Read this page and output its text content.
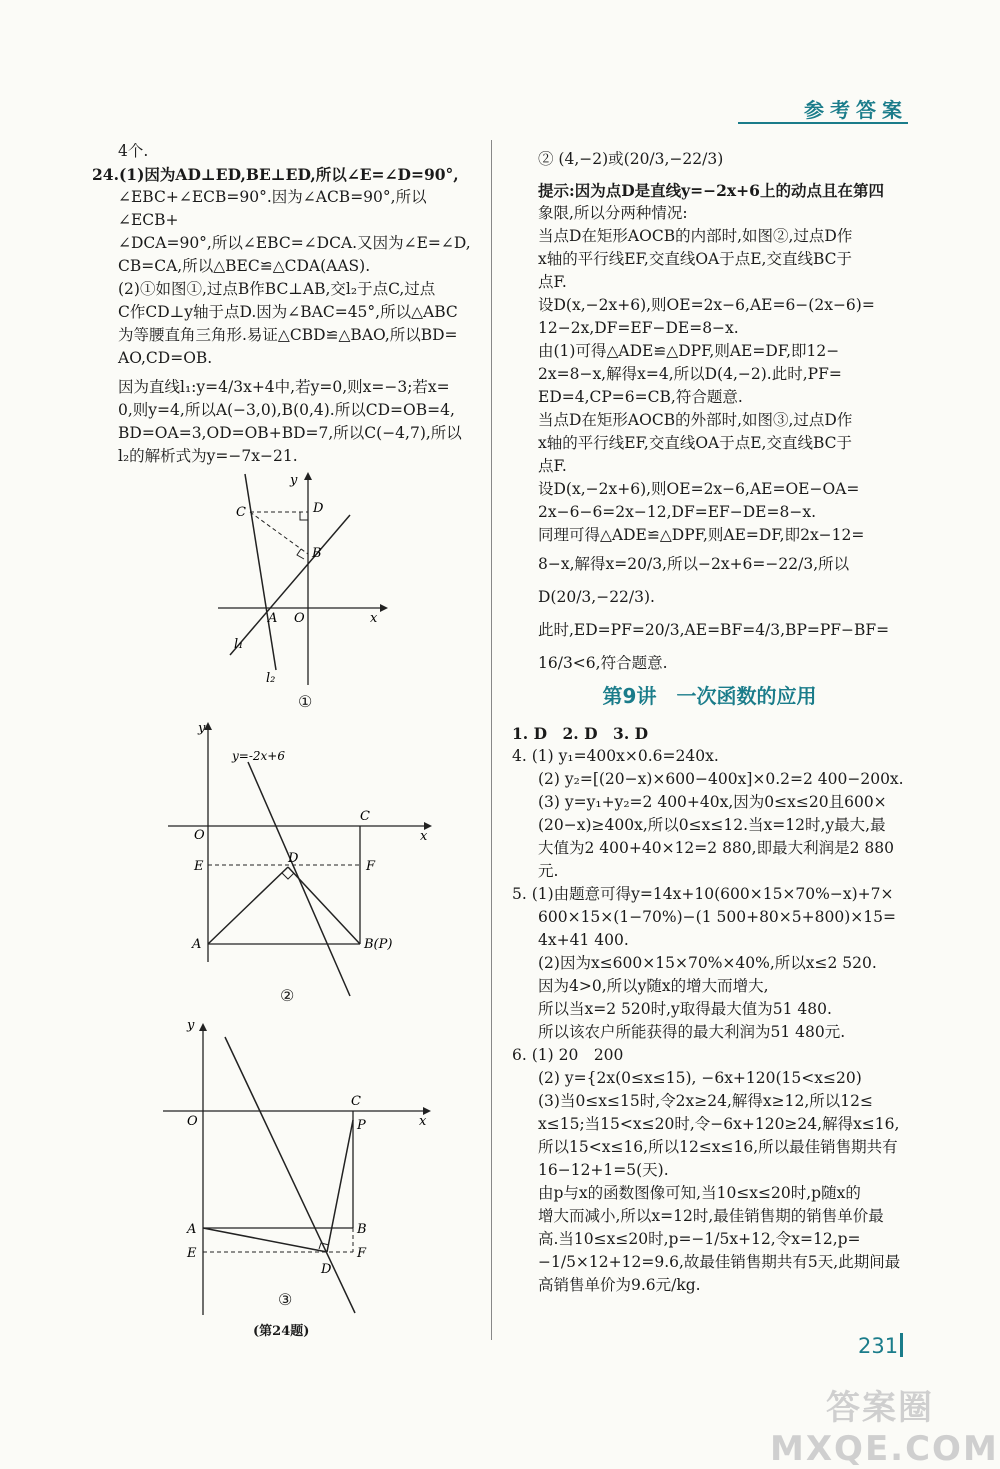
参考答案

4个.

24.(1)因为AD⊥ED,BE⊥ED,所以∠E=∠D=90°,

∠EBC+∠ECB=90°.因为∠ACB=90°,所以∠ECB+

∠DCA=90°,所以∠EBC=∠DCA.又因为∠E=∠D,

CB=CA,所以△BEC≌△CDA(AAS).

(2)①如图①,过点B作BC⊥AB,交l₂于点C,过点

C作CD⊥y轴于点D.因为∠BAC=45°,所以△ABC

为等腰直角三角形.易证△CBD≌△BAO,所以BD=

AO,CD=OB.

因为直线l₁:y=4/3x+4中,若y=0,则x=−3;若x=

0,则y=4,所以A(−3,0),B(0,4).所以CD=OB=4,

BD=OA=3,OD=OB+BD=7,所以C(−4,7),所以

l₂的解析式为y=−7x−21.

y
C	D
B
A O	x
l₁
l₂
①
y
y=-2x+6
C
O	x
E
D
F
A	B(P)
②
y
C
O	x
P
A	B
E	F
D
③
(第24题)

② (4,−2)或(20/3,−22/3)

提示:因为点D是直线y=−2x+6上的动点且在第四

象限,所以分两种情况:

当点D在矩形AOCB的内部时,如图②,过点D作

x轴的平行线EF,交直线OA于点E,交直线BC于

点F.

设D(x,−2x+6),则OE=2x−6,AE=6−(2x−6)=

12−2x,DF=EF−DE=8−x.

由(1)可得△ADE≌△DPF,则AE=DF,即12−

2x=8−x,解得x=4,所以D(4,−2).此时,PF=

ED=4,CP=6=CB,符合题意.

当点D在矩形AOCB的外部时,如图③,过点D作

x轴的平行线EF,交直线OA于点E,交直线BC于

点F.

设D(x,−2x+6),则OE=2x−6,AE=OE−OA=

2x−6−6=2x−12,DF=EF−DE=8−x.

同理可得△ADE≌△DPF,则AE=DF,即2x−12=

8−x,解得x=20/3,所以−2x+6=−22/3,所以

D(20/3,−22/3).

此时,ED=PF=20/3,AE=BF=4/3,BP=PF−BF=

16/3<6,符合题意.

第9讲　一次函数的应用

1. D　2. D　3. D

4. (1) y₁=400x×0.6=240x.

(2) y₂=[(20−x)×600−400x]×0.2=2 400−200x.

(3) y=y₁+y₂=2 400+40x,因为0≤x≤20且600×

(20−x)≥400x,所以0≤x≤12.当x=12时,y最大,最

大值为2 400+40×12=2 880,即最大利润是2 880元.

5. (1)由题意可得y=14x+10(600×15×70%−x)+7×

600×15×(1−70%)−(1 500+80×5+800)×15=

4x+41 400.

(2)因为x≤600×15×70%×40%,所以x≤2 520.

因为4>0,所以y随x的增大而增大,

所以当x=2 520时,y取得最大值为51 480.

所以该农户所能获得的最大利润为51 480元.

6. (1) 20　200

(2) y={2x(0≤x≤15), −6x+120(15<x≤20)

(3)当0≤x≤15时,令2x≥24,解得x≥12,所以12≤

x≤15;当15<x≤20时,令−6x+120≥24,解得x≤16,

所以15<x≤16,所以12≤x≤16,所以最佳销售期共有

16−12+1=5(天).

由p与x的函数图像可知,当10≤x≤20时,p随x的

增大而减小,所以x=12时,最佳销售期的销售单价最

高.当10≤x≤20时,p=−1/5x+12,令x=12,p=

−1/5×12+12=9.6,故最佳销售期共有5天,此期间最

高销售单价为9.6元/kg.

231
答案圈 MXQE.COM
